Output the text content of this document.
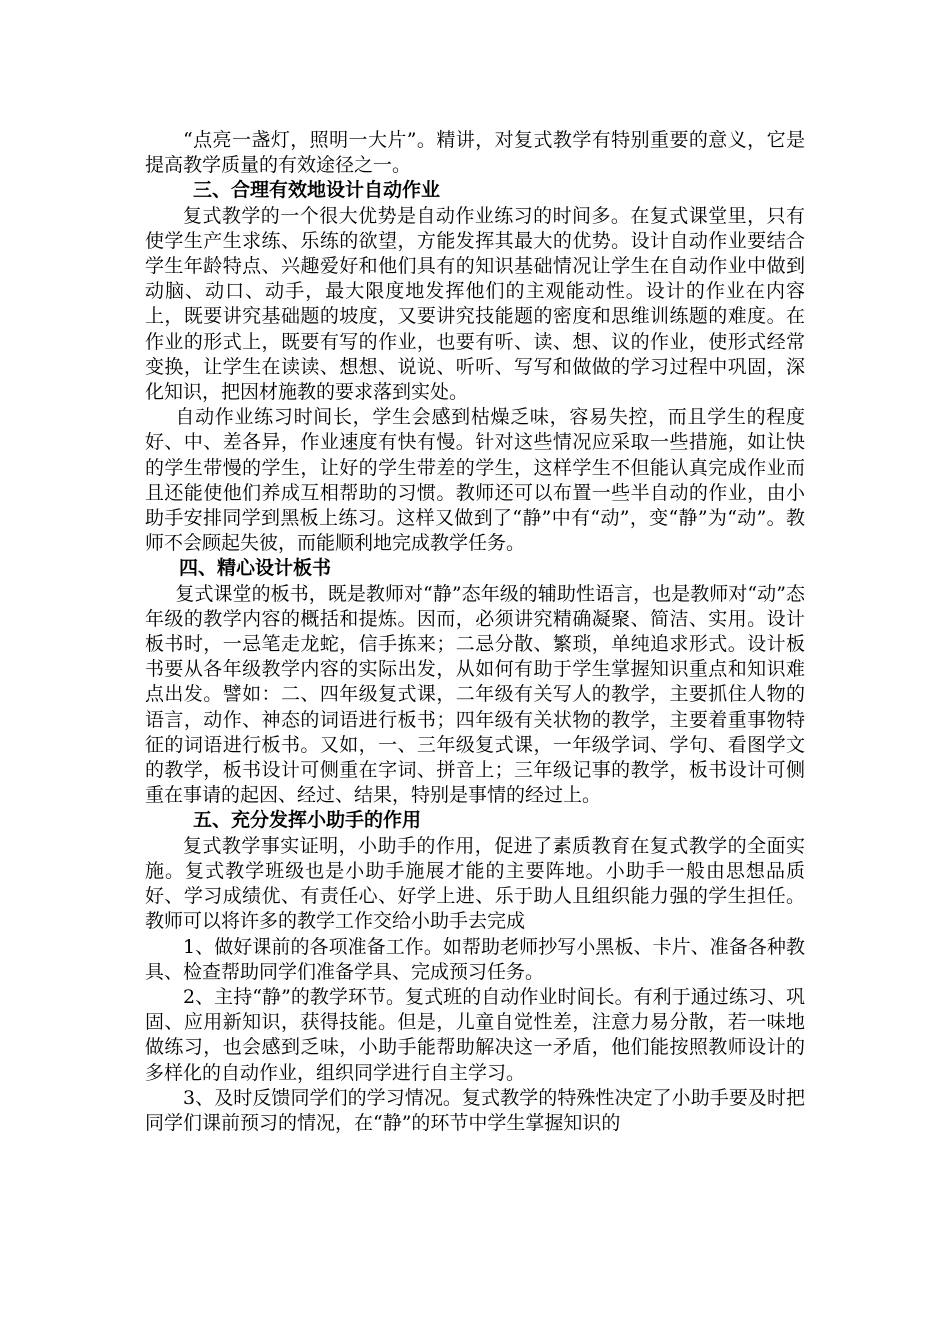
“点亮一盏灯，照明一大片”。精讲，对复式教学有特别重要的意义，它是提高教学质量的有效途径之一。

三、合理有效地设计自动作业

复式教学的一个很大优势是自动作业练习的时间多。在复式课堂里，只有使学生产生求练、乐练的欲望，方能发挥其最大的优势。设计自动作业要结合学生年龄特点、兴趣爱好和他们具有的知识基础情况让学生在自动作业中做到动脑、动口、动手，最大限度地发挥他们的主观能动性。设计的作业在内容上，既要讲究基础题的坡度，又要讲究技能题的密度和思维训练题的难度。在作业的形式上，既要有写的作业，也要有听、读、想、议的作业，使形式经常变换，让学生在读读、想想、说说、听听、写写和做做的学习过程中巩固，深化知识，把因材施教的要求落到实处。

自动作业练习时间长，学生会感到枯燥乏味，容易失控，而且学生的程度好、中、差各异，作业速度有快有慢。针对这些情况应采取一些措施，如让快的学生带慢的学生，让好的学生带差的学生，这样学生不但能认真完成作业而且还能使他们养成互相帮助的习惯。教师还可以布置一些半自动的作业，由小助手安排同学到黑板上练习。这样又做到了“静”中有“动”，变“静”为“动”。教师不会顾起失彼，而能顺利地完成教学任务。

四、精心设计板书

复式课堂的板书，既是教师对“静”态年级的辅助性语言，也是教师对“动”态年级的教学内容的概括和提炼。因而，必须讲究精确凝聚、简洁、实用。设计板书时，一忌笔走龙蛇，信手拣来；二忌分散、繁琐，单纯追求形式。设计板书要从各年级教学内容的实际出发，从如何有助于学生掌握知识重点和知识难点出发。譬如：二、四年级复式课，二年级有关写人的教学，主要抓住人物的语言，动作、神态的词语进行板书；四年级有关状物的教学，主要着重事物特征的词语进行板书。又如，一、三年级复式课，一年级学词、学句、看图学文的教学，板书设计可侧重在字词、拼音上；三年级记事的教学，板书设计可侧重在事请的起因、经过、结果，特别是事情的经过上。

五、充分发挥小助手的作用

复式教学事实证明，小助手的作用，促进了素质教育在复式教学的全面实施。复式教学班级也是小助手施展才能的主要阵地。小助手一般由思想品质好、学习成绩优、有责任心、好学上进、乐于助人且组织能力强的学生担任。教师可以将许多的教学工作交给小助手去完成

1、做好课前的各项准备工作。如帮助老师抄写小黑板、卡片、准备各种教具、检查帮助同学们准备学具、完成预习任务。

2、主持“静”的教学环节。复式班的自动作业时间长。有利于通过练习、巩固、应用新知识，获得技能。但是，儿童自觉性差，注意力易分散，若一味地做练习，也会感到乏味，小助手能帮助解决这一矛盾，他们能按照教师设计的多样化的自动作业，组织同学进行自主学习。

3、及时反馈同学们的学习情况。复式教学的特殊性决定了小助手要及时把同学们课前预习的情况，在“静”的环节中学生掌握知识的
